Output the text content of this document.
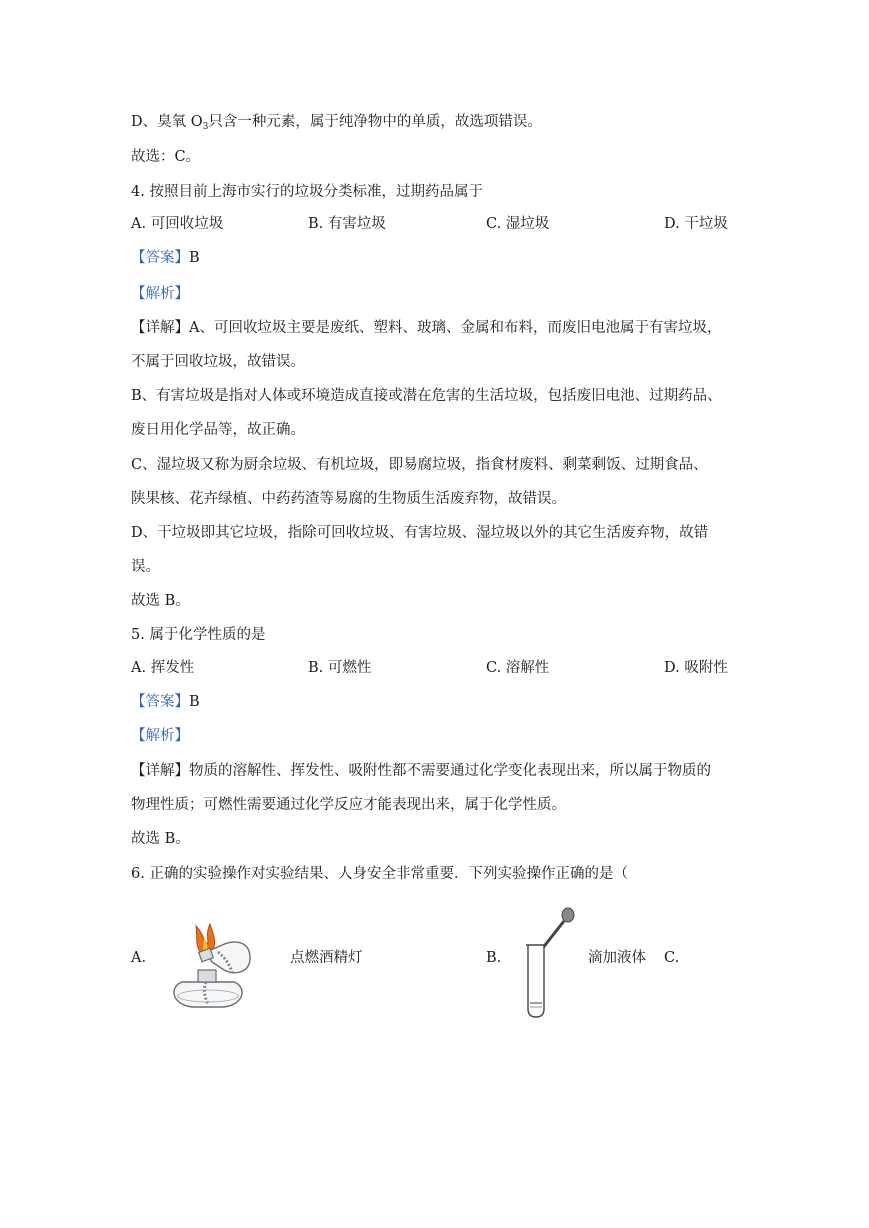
D、臭氧 $O_3$只含一种元素，属于纯净物中的单质，故选项错误。
故选：C。
4. 按照目前上海市实行的垃圾分类标准，过期药品属于
A. 可回收垃圾	B. 有害垃圾	C. 湿垃圾	D. 干垃圾
【答案】B
【解析】
【详解】A、可回收垃圾主要是废纸、塑料、玻璃、金属和布料，而废旧电池属于有害垃圾，
不属于回收垃圾，故错误。
B、有害垃圾是指对人体或环境造成直接或潜在危害的生活垃圾，包括废旧电池、过期药品、
废日用化学品等，故正确。
C、湿垃圾又称为厨余垃圾、有机垃圾，即易腐垃圾，指食材废料、剩菜剩饭、过期食品、
陕果核、花卉绿植、中药药渣等易腐的生物质生活废弃物，故错误。
D、干垃圾即其它垃圾，指除可回收垃圾、有害垃圾、湿垃圾以外的其它生活废弃物，故错
误。
故选 B。
5. 属于化学性质的是
A. 挥发性	B. 可燃性	C. 溶解性	D. 吸附性
【答案】B
【解析】
【详解】物质的溶解性、挥发性、吸附性都不需要通过化学变化表现出来，所以属于物质的
物理性质；可燃性需要通过化学反应才能表现出来，属于化学性质。
故选 B。
6. 正确的实验操作对实验结果、人身安全非常重要．下列实验操作正确的是（
A.	点燃酒精灯	B.	滴加液体 C.
